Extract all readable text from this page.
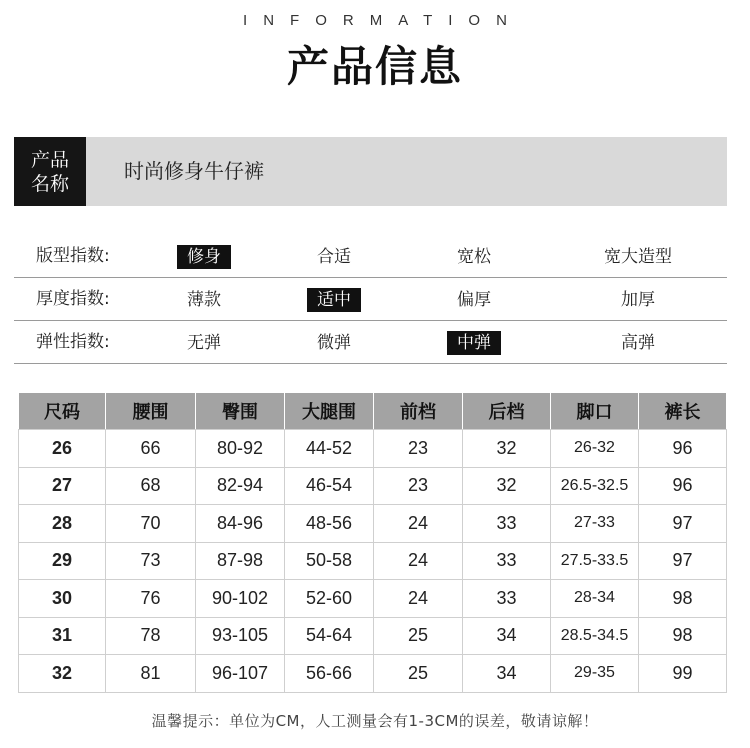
INFORMATION
产品信息
产品
名称
时尚修身牛仔裤
版型指数:	修身	合适	宽松	宽大造型
厚度指数:	薄款	适中	偏厚	加厚
弹性指数:	无弹	微弹	中弹	高弹
尺码	腰围	臀围	大腿围	前档	后档	脚口	裤长
26	66	80-92	44-52	23	32	26-32	96
27	68	82-94	46-54	23	32	26.5-32.5	96
28	70	84-96	48-56	24	33	27-33	97
29	73	87-98	50-58	24	33	27.5-33.5	97
30	76	90-102	52-60	24	33	28-34	98
31	78	93-105	54-64	25	34	28.5-34.5	98
32	81	96-107	56-66	25	34	29-35	99
温馨提示：单位为CM，人工测量会有1-3CM的误差，敬请谅解！
